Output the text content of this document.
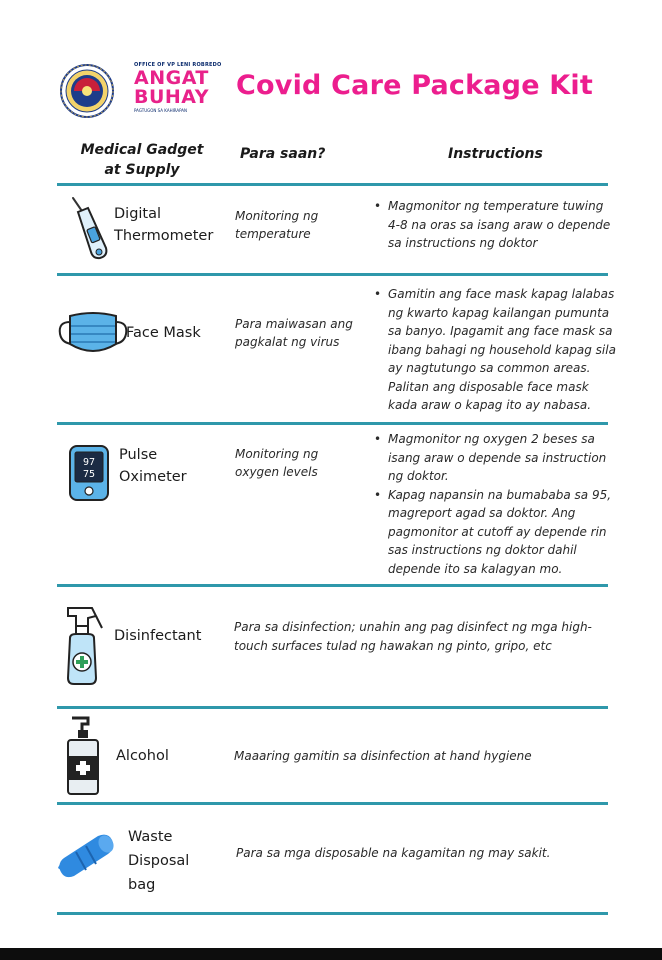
OFFICE OF VP LENI ROBREDO
ANGAT
BUHAY
PAGTUGON SA KAHIRAPAN
Covid Care Package Kit
Medical Gadget
at Supply
Para saan?	Instructions
Digital
Thermometer
Monitoring ng
temperature
• Magmonitor ng temperature tuwing
4-8 na oras sa isang araw o depende
sa instructions ng doktor
Face Mask
Para maiwasan ang
pagkalat ng virus
• Gamitin ang face mask kapag lalabas
ng kwarto kapag kailangan pumunta
sa banyo. Ipagamit ang face mask sa
ibang bahagi ng household kapag sila
ay nagtutungo sa common areas.
Palitan ang disposable face mask
kada araw o kapag ito ay nabasa.
97
75
Pulse
Oximeter
Monitoring ng
oxygen levels
• Magmonitor ng oxygen 2 beses sa
isang araw o depende sa instruction
ng doktor.
• Kapag napansin na bumababa sa 95,
magreport agad sa doktor. Ang
pagmonitor at cutoff ay depende rin
sas instructions ng doktor dahil
depende ito sa kalagyan mo.
Disinfectant
Para sa disinfection; unahin ang pag disinfect ng mga high-
touch surfaces tulad ng hawakan ng pinto, gripo, etc
Alcohol	Maaaring gamitin sa disinfection at hand hygiene
Waste
Disposal
bag
Para sa mga disposable na kagamitan ng may sakit.
